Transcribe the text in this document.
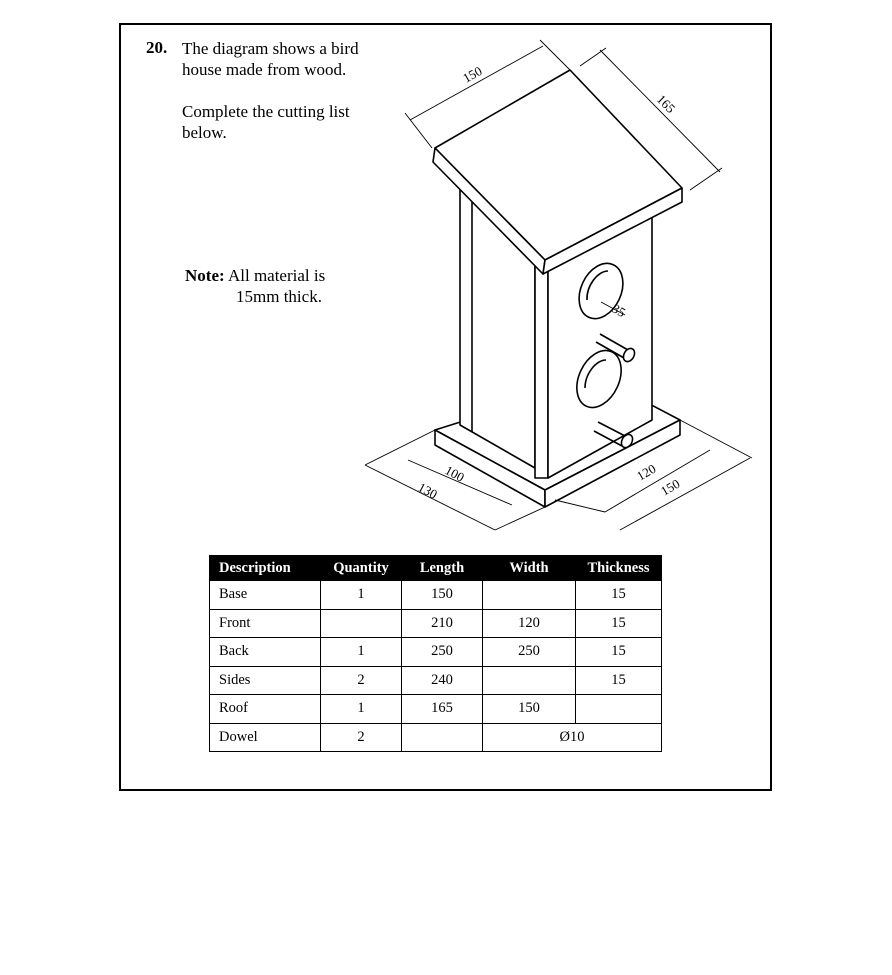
20. The diagram shows a bird house made from wood.

Complete the cutting list below.

Note: All material is
15mm thick.
150
165
35
100
130
120
150
Description	Quantity	Length	Width	Thickness
Base	1	150		15
Front		210	120	15
Back	1	250	250	15
Sides	2	240		15
Roof	1	165	150	
Dowel	2		Ø10	
